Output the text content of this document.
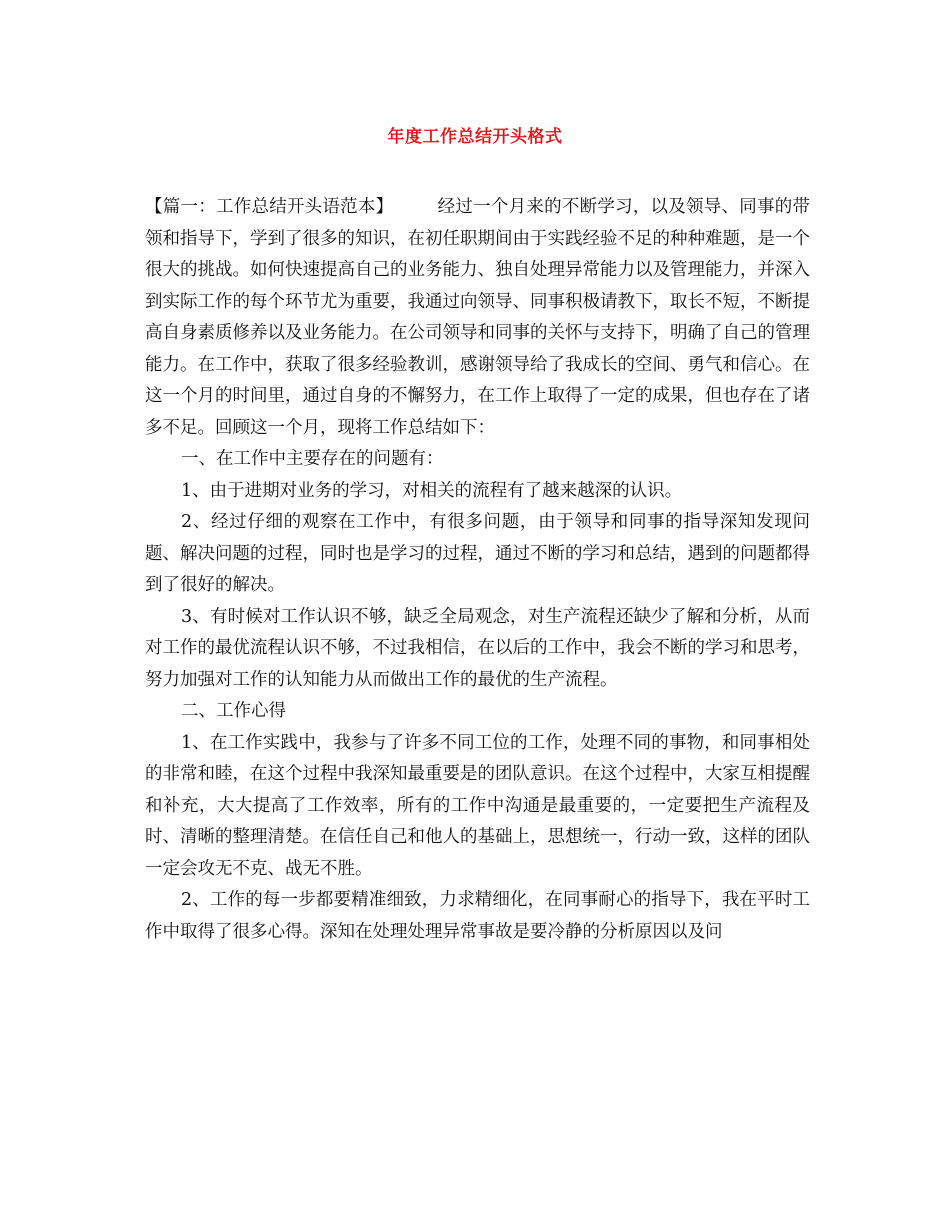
年度工作总结开头格式

【篇一：工作总结开头语范本】	经过一个月来的不断学习，以及领导、同事的带领和指导下，学到了很多的知识，在初任职期间由于实践经验不足的种种难题，是一个很大的挑战。如何快速提高自己的业务能力、独自处理异常能力以及管理能力，并深入到实际工作的每个环节尤为重要，我通过向领导、同事积极请教下，取长不短，不断提高自身素质修养以及业务能力。在公司领导和同事的关怀与支持下，明确了自己的管理能力。在工作中，获取了很多经验教训，感谢领导给了我成长的空间、勇气和信心。在这一个月的时间里，通过自身的不懈努力，在工作上取得了一定的成果，但也存在了诸多不足。回顾这一个月，现将工作总结如下：

一、在工作中主要存在的问题有：

1、由于进期对业务的学习，对相关的流程有了越来越深的认识。

2、经过仔细的观察在工作中，有很多问题，由于领导和同事的指导深知发现问题、解决问题的过程，同时也是学习的过程，通过不断的学习和总结，遇到的问题都得到了很好的解决。

3、有时候对工作认识不够，缺乏全局观念，对生产流程还缺少了解和分析，从而对工作的最优流程认识不够，不过我相信，在以后的工作中，我会不断的学习和思考，努力加强对工作的认知能力从而做出工作的最优的生产流程。

二、工作心得

1、在工作实践中，我参与了许多不同工位的工作，处理不同的事物，和同事相处的非常和睦，在这个过程中我深知最重要是的团队意识。在这个过程中，大家互相提醒和补充，大大提高了工作效率，所有的工作中沟通是最重要的，一定要把生产流程及时、清晰的整理清楚。在信任自己和他人的基础上，思想统一，行动一致，这样的团队一定会攻无不克、战无不胜。

2、工作的每一步都要精准细致，力求精细化，在同事耐心的指导下，我在平时工作中取得了很多心得。深知在处理处理异常事故是要冷静的分析原因以及问
